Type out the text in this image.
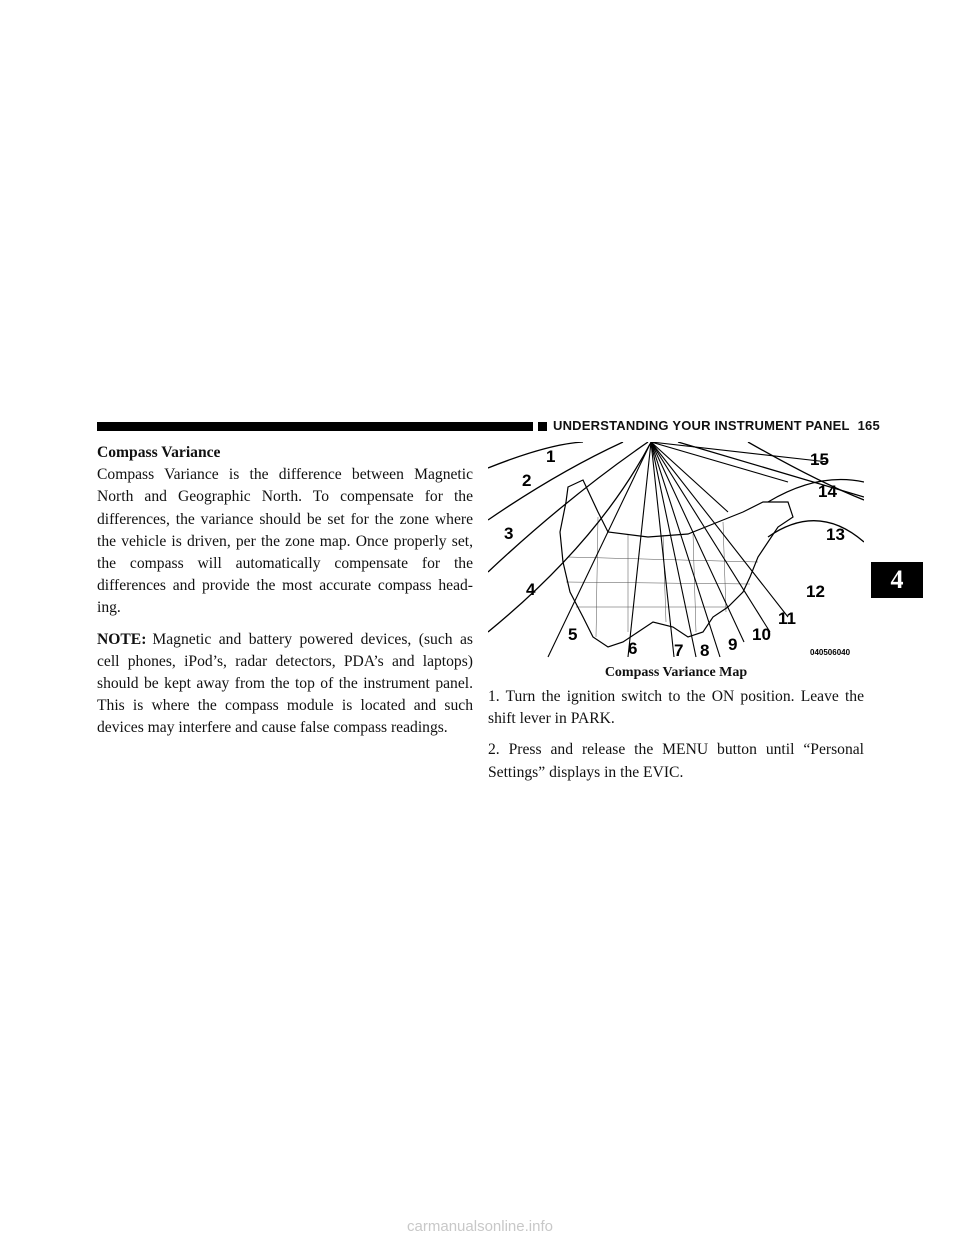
UNDERSTANDING YOUR INSTRUMENT PANEL 165
4

Compass Variance

Compass Variance is the difference between Magnetic North and Geographic North. To compensate for the differences, the variance should be set for the zone where the vehicle is driven, per the zone map. Once properly set, the compass will automatically compensate for the differences and provide the most accurate compass head-ing.

NOTE: Magnetic and battery powered devices, (such as cell phones, iPod’s, radar detectors, PDA’s and laptops) should be kept away from the top of the instrument panel. This is where the compass module is located and such devices may interfere and cause false compass readings.

1
2
3
4
5
6 7 8 9
10
11
12
13
14
15
040506040
Compass Variance Map

1. Turn the ignition switch to the ON position. Leave the shift lever in PARK.

2. Press and release the MENU button until “Personal Settings” displays in the EVIC.

carmanualsonline.info
